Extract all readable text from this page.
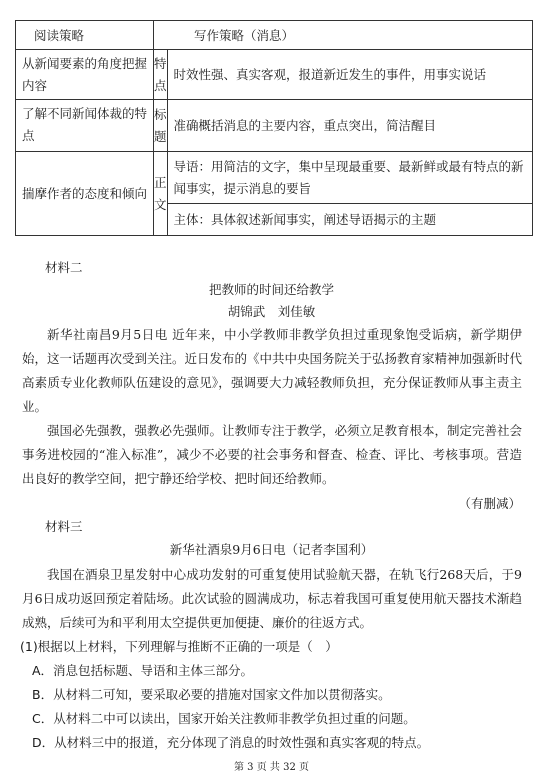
阅读策略	写作策略（消息）	
从新闻要素的角度把握内容	特点	时效性强、真实客观，报道新近发生的事件，用事实说话
了解不同新闻体裁的特点	标题	准确概括消息的主要内容，重点突出，简洁醒目
揣摩作者的态度和倾向	正文	导语：用简洁的文字，集中呈现最重要、最新鲜或最有特点的新闻事实，提示消息的要旨
		主体：具体叙述新闻事实，阐述导语揭示的主题
材料二
把教师的时间还给教学
胡锦武　刘佳敏
新华社南昌9月5日电 近年来，中小学教师非教学负担过重现象饱受诟病，新学期伊始，这一话题再次受到关注。近日发布的《中共中央国务院关于弘扬教育家精神加强新时代高素质专业化教师队伍建设的意见》，强调要大力减轻教师负担，充分保证教师从事主责主业。
强国必先强教，强教必先强师。让教师专注于教学，必须立足教育根本，制定完善社会事务进校园的“准入标准”，减少不必要的社会事务和督查、检查、评比、考核事项。营造出良好的教学空间，把宁静还给学校、把时间还给教师。
（有删减）
材料三
新华社酒泉9月6日电（记者李国利）
我国在酒泉卫星发射中心成功发射的可重复使用试验航天器，在轨飞行268天后，于9月6日成功返回预定着陆场。此次试验的圆满成功，标志着我国可重复使用航天器技术渐趋成熟，后续可为和平利用太空提供更加便捷、廉价的往返方式。
(1)根据以上材料，下列理解与推断不正确的一项是（　）
A．消息包括标题、导语和主体三部分。
B．从材料二可知，要采取必要的措施对国家文件加以贯彻落实。
C．从材料二中可以读出，国家开始关注教师非教学负担过重的问题。
D．从材料三中的报道，充分体现了消息的时效性强和真实客观的特点。
第 3 页 共 32 页
